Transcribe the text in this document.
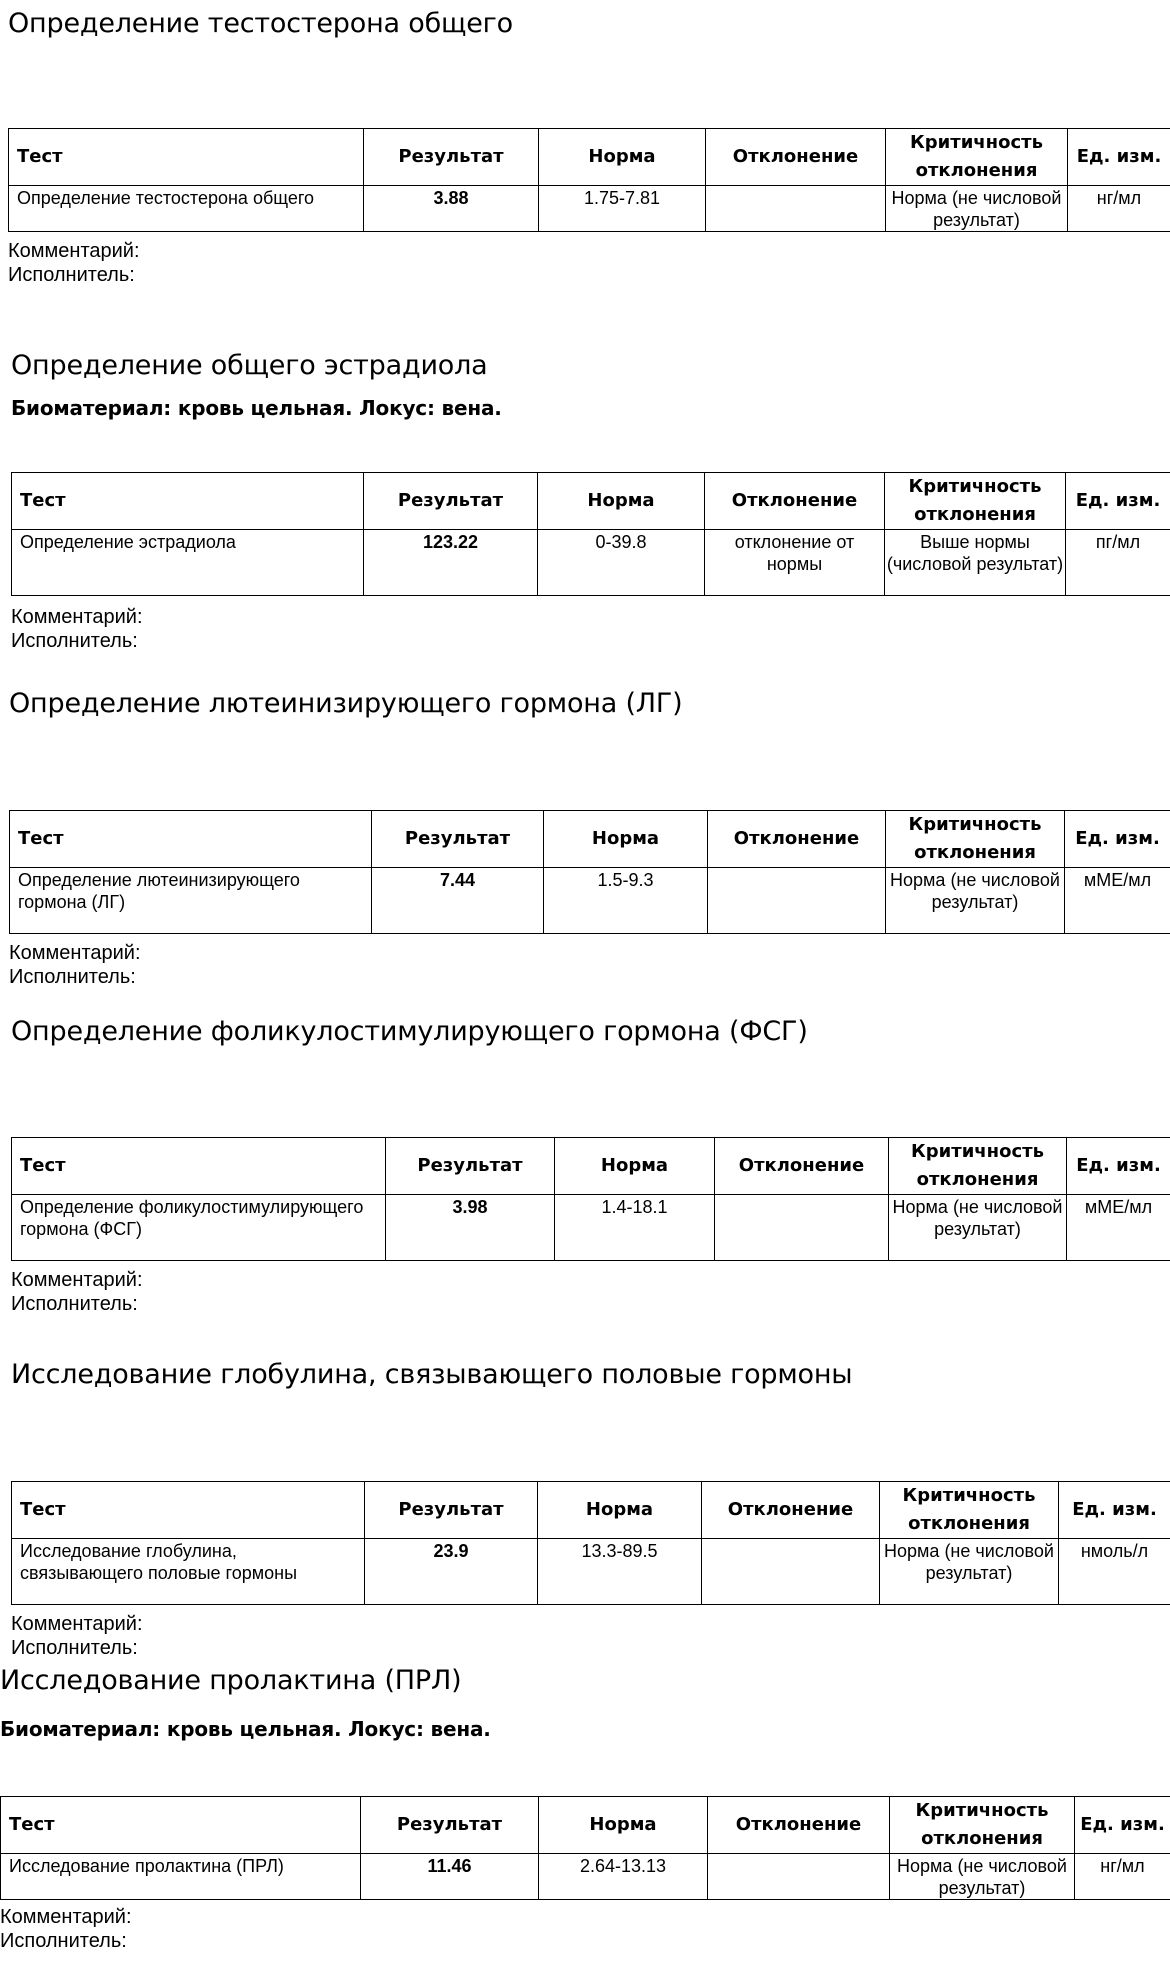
Определение тестостерона общего
Тест	Результат	Норма	Отклонение	Критичность отклонения	Ед. изм.
Определение тестостерона общего	3.88	1.75-7.81		Норма (не числовой результат)	нг/мл
Комментарий:
Исполнитель:
Определение общего эстрадиола
Биоматериал: кровь цельная. Локус: вена.
Тест	Результат	Норма	Отклонение	Критичность отклонения	Ед. изм.
Определение эстрадиола	123.22	0-39.8	отклонение от нормы	Выше нормы (числовой результат)	пг/мл
Комментарий:
Исполнитель:
Определение лютеинизирующего гормона (ЛГ)
Тест	Результат	Норма	Отклонение	Критичность отклонения	Ед. изм.
Определение лютеинизирующего гормона (ЛГ)	7.44	1.5-9.3		Норма (не числовой результат)	мМЕ/мл
Комментарий:
Исполнитель:
Определение фоликулостимулирующего гормона (ФСГ)
Тест	Результат	Норма	Отклонение	Критичность отклонения	Ед. изм.
Определение фоликулостимулирующего гормона (ФСГ)	3.98	1.4-18.1		Норма (не числовой результат)	мМЕ/мл
Комментарий:
Исполнитель:
Исследование глобулина, связывающего половые гормоны
Тест	Результат	Норма	Отклонение	Критичность отклонения	Ед. изм.
Исследование глобулина, связывающего половые гормоны	23.9	13.3-89.5		Норма (не числовой результат)	нмоль/л
Комментарий:
Исполнитель:
Исследование пролактина (ПРЛ)
Биоматериал: кровь цельная. Локус: вена.
Тест	Результат	Норма	Отклонение	Критичность отклонения	Ед. изм.
Исследование пролактина (ПРЛ)	11.46	2.64-13.13		Норма (не числовой результат)	нг/мл
Комментарий:
Исполнитель:
